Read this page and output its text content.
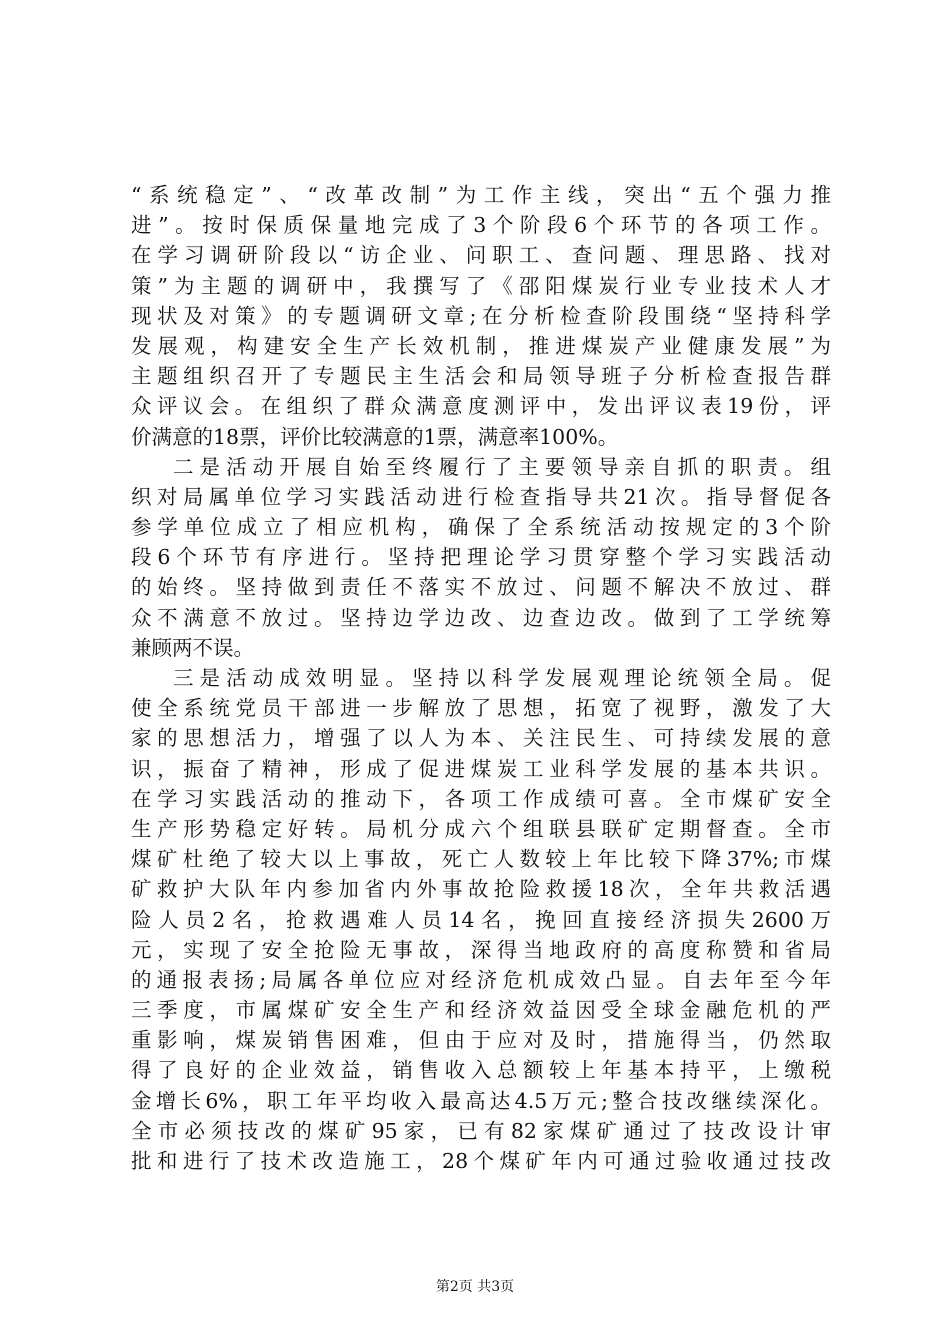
“系统稳定”、“改革改制”为工作主线，突出“五个强力推
进”。按时保质保量地完成了3个阶段6个环节的各项工作。
在学习调研阶段以“访企业、问职工、查问题、理思路、找对
策”为主题的调研中，我撰写了《邵阳煤炭行业专业技术人才
现状及对策》的专题调研文章;在分析检查阶段围绕“坚持科学
发展观，构建安全生产长效机制，推进煤炭产业健康发展”为
主题组织召开了专题民主生活会和局领导班子分析检查报告群
众评议会。在组织了群众满意度测评中，发出评议表19份，评
价满意的18票，评价比较满意的1票，满意率100%。
二是活动开展自始至终履行了主要领导亲自抓的职责。组
织对局属单位学习实践活动进行检查指导共21次。指导督促各
参学单位成立了相应机构，确保了全系统活动按规定的3个阶
段6个环节有序进行。坚持把理论学习贯穿整个学习实践活动
的始终。坚持做到责任不落实不放过、问题不解决不放过、群
众不满意不放过。坚持边学边改、边查边改。做到了工学统筹
兼顾两不误。
三是活动成效明显。坚持以科学发展观理论统领全局。促
使全系统党员干部进一步解放了思想，拓宽了视野，激发了大
家的思想活力，增强了以人为本、关注民生、可持续发展的意
识，振奋了精神，形成了促进煤炭工业科学发展的基本共识。
在学习实践活动的推动下，各项工作成绩可喜。全市煤矿安全
生产形势稳定好转。局机分成六个组联县联矿定期督查。全市
煤矿杜绝了较大以上事故，死亡人数较上年比较下降37%;市煤
矿救护大队年内参加省内外事故抢险救援18次，全年共救活遇
险人员2名，抢救遇难人员14名，挽回直接经济损失2600万
元，实现了安全抢险无事故，深得当地政府的高度称赞和省局
的通报表扬;局属各单位应对经济危机成效凸显。自去年至今年
三季度，市属煤矿安全生产和经济效益因受全球金融危机的严
重影响，煤炭销售困难，但由于应对及时，措施得当，仍然取
得了良好的企业效益，销售收入总额较上年基本持平，上缴税
金增长6%，职工年平均收入最高达4.5万元;整合技改继续深化。
全市必须技改的煤矿95家，已有82家煤矿通过了技改设计审
批和进行了技术改造施工，28个煤矿年内可通过验收通过技改
第2页 共3页
